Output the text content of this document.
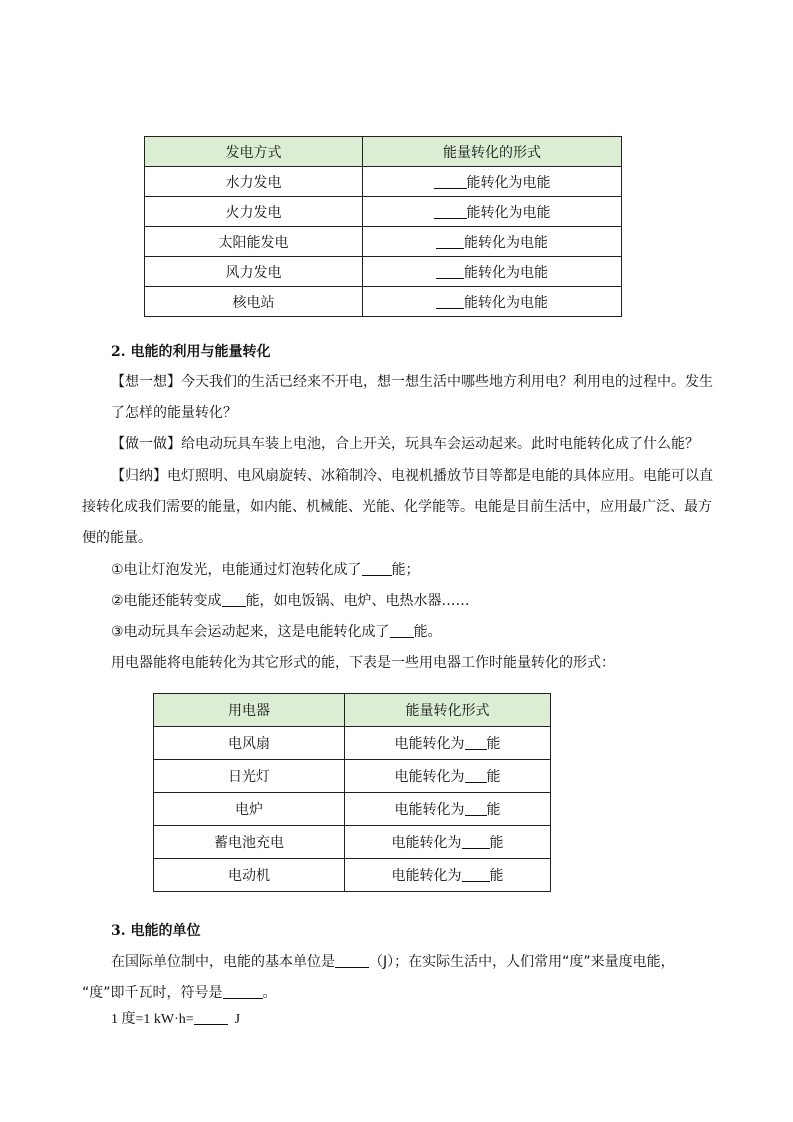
发电方式	能量转化的形式
水力发电	能转化为电能
火力发电	能转化为电能
太阳能发电	能转化为电能
风力发电	能转化为电能
核电站	能转化为电能
2. 电能的利用与能量转化
【想一想】今天我们的生活已经来不开电，想一想生活中哪些地方利用电？利用电的过程中。发生
了怎样的能量转化？
【做一做】给电动玩具车装上电池，合上开关，玩具车会运动起来。此时电能转化成了什么能？
【归纳】电灯照明、电风扇旋转、冰箱制冷、电视机播放节目等都是电能的具体应用。电能可以直
接转化成我们需要的能量，如内能、机械能、光能、化学能等。电能是目前生活中，应用最广泛、最方
便的能量。
①电让灯泡发光，电能通过灯泡转化成了 能；
②电能还能转变成 能，如电饭锅、电炉、电热水器……
③电动玩具车会运动起来，这是电能转化成了 能。
用电器能将电能转化为其它形式的能，下表是一些用电器工作时能量转化的形式：
用电器	能量转化形式
电风扇	电能转化为 能
日光灯	电能转化为 能
电炉	电能转化为 能
蓄电池充电	电能转化为 能
电动机	电能转化为 能
3. 电能的单位
在国际单位制中，电能的基本单位是 （J）；在实际生活中，人们常用“度”来量度电能，
“度”即千瓦时，符号是	。
1 度=1 kW·h=	J
